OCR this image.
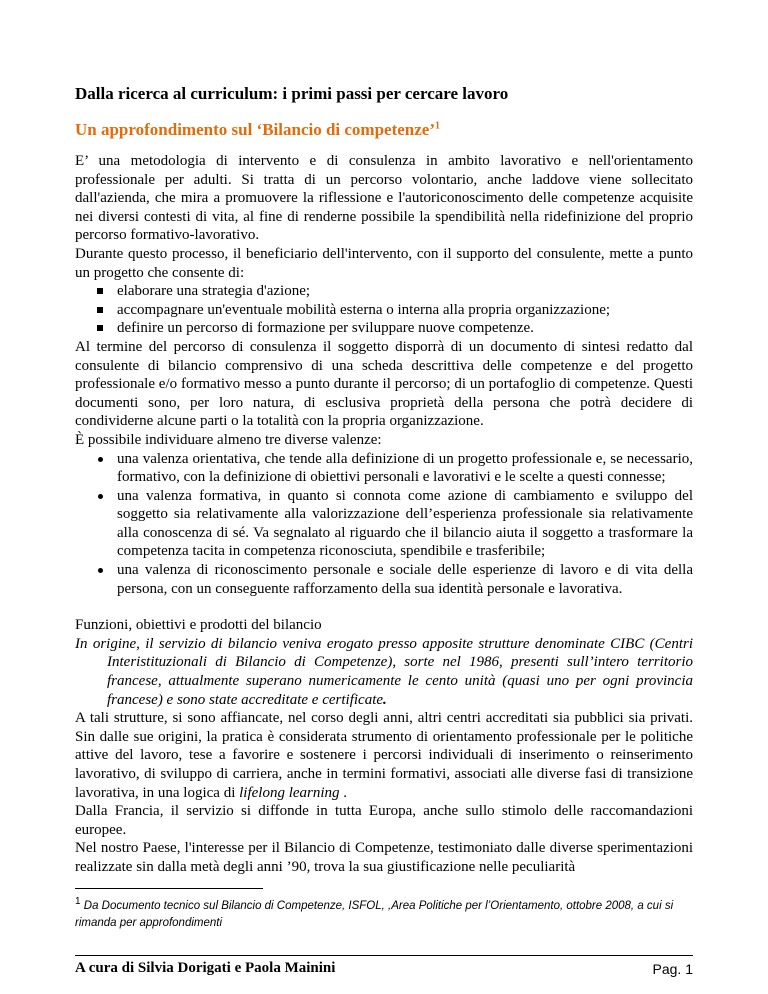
Dalla ricerca al curriculum: i primi passi per cercare lavoro
Un approfondimento sul ‘Bilancio di competenze’$^1$

E’ una metodologia di intervento e di consulenza in ambito lavorativo e nell'orientamento professionale per adulti. Si tratta di un percorso volontario, anche laddove viene sollecitato dall'azienda, che mira a promuovere la riflessione e l'autoriconoscimento delle competenze acquisite nei diversi contesti di vita, al fine di renderne possibile la spendibilità nella ridefinizione del proprio percorso formativo-lavorativo.

Durante questo processo, il beneficiario dell'intervento, con il supporto del consulente, mette a punto un progetto che consente di:

elaborare una strategia d'azione;
accompagnare un'eventuale mobilità esterna o interna alla propria organizzazione;
definire un percorso di formazione per sviluppare nuove competenze.

Al termine del percorso di consulenza il soggetto disporrà di un documento di sintesi redatto dal consulente di bilancio comprensivo di una scheda descrittiva delle competenze e del progetto professionale e/o formativo messo a punto durante il percorso; di un portafoglio di competenze. Questi documenti sono, per loro natura, di esclusiva proprietà della persona che potrà decidere di condividerne alcune parti o la totalità con la propria organizzazione.

È possibile individuare almeno tre diverse valenze:

una valenza orientativa, che tende alla definizione di un progetto professionale e, se necessario, formativo, con la definizione di obiettivi personali e lavorativi e le scelte a questi connesse;
una valenza formativa, in quanto si connota come azione di cambiamento e sviluppo del soggetto sia relativamente alla valorizzazione dell’esperienza professionale sia relativamente alla conoscenza di sé. Va segnalato al riguardo che il bilancio aiuta il soggetto a trasformare la competenza tacita in competenza riconosciuta, spendibile e trasferibile;
una valenza di riconoscimento personale e sociale delle esperienze di lavoro e di vita della persona, con un conseguente rafforzamento della sua identità personale e lavorativa.

Funzioni, obiettivi e prodotti del bilancio

In origine, il servizio di bilancio veniva erogato presso apposite strutture denominate CIBC (Centri Interistituzionali di Bilancio di Competenze), sorte nel 1986, presenti sull’intero territorio francese, attualmente superano numericamente le cento unità (quasi uno per ogni provincia francese) e sono state accreditate e certificate.

A tali strutture, si sono affiancate, nel corso degli anni, altri centri accreditati sia pubblici sia privati. Sin dalle sue origini, la pratica è considerata strumento di orientamento professionale per le politiche attive del lavoro, tese a favorire e sostenere i percorsi individuali di inserimento o reinserimento lavorativo, di sviluppo di carriera, anche in termini formativi, associati alle diverse fasi di transizione lavorativa, in una logica di lifelong learning .

Dalla Francia, il servizio si diffonde in tutta Europa, anche sullo stimolo delle raccomandazioni europee.

Nel nostro Paese, l'interesse per il Bilancio di Competenze, testimoniato dalle diverse sperimentazioni realizzate sin dalla metà degli anni ’90, trova la sua giustificazione nelle peculiarità

$^1$ Da Documento tecnico sul Bilancio di Competenze, ISFOL, ,Area Politiche per l’Orientamento, ottobre 2008, a cui si rimanda per approfondimenti
A cura di Silvia Dorigati e Paola Mainini	Pag. 1
